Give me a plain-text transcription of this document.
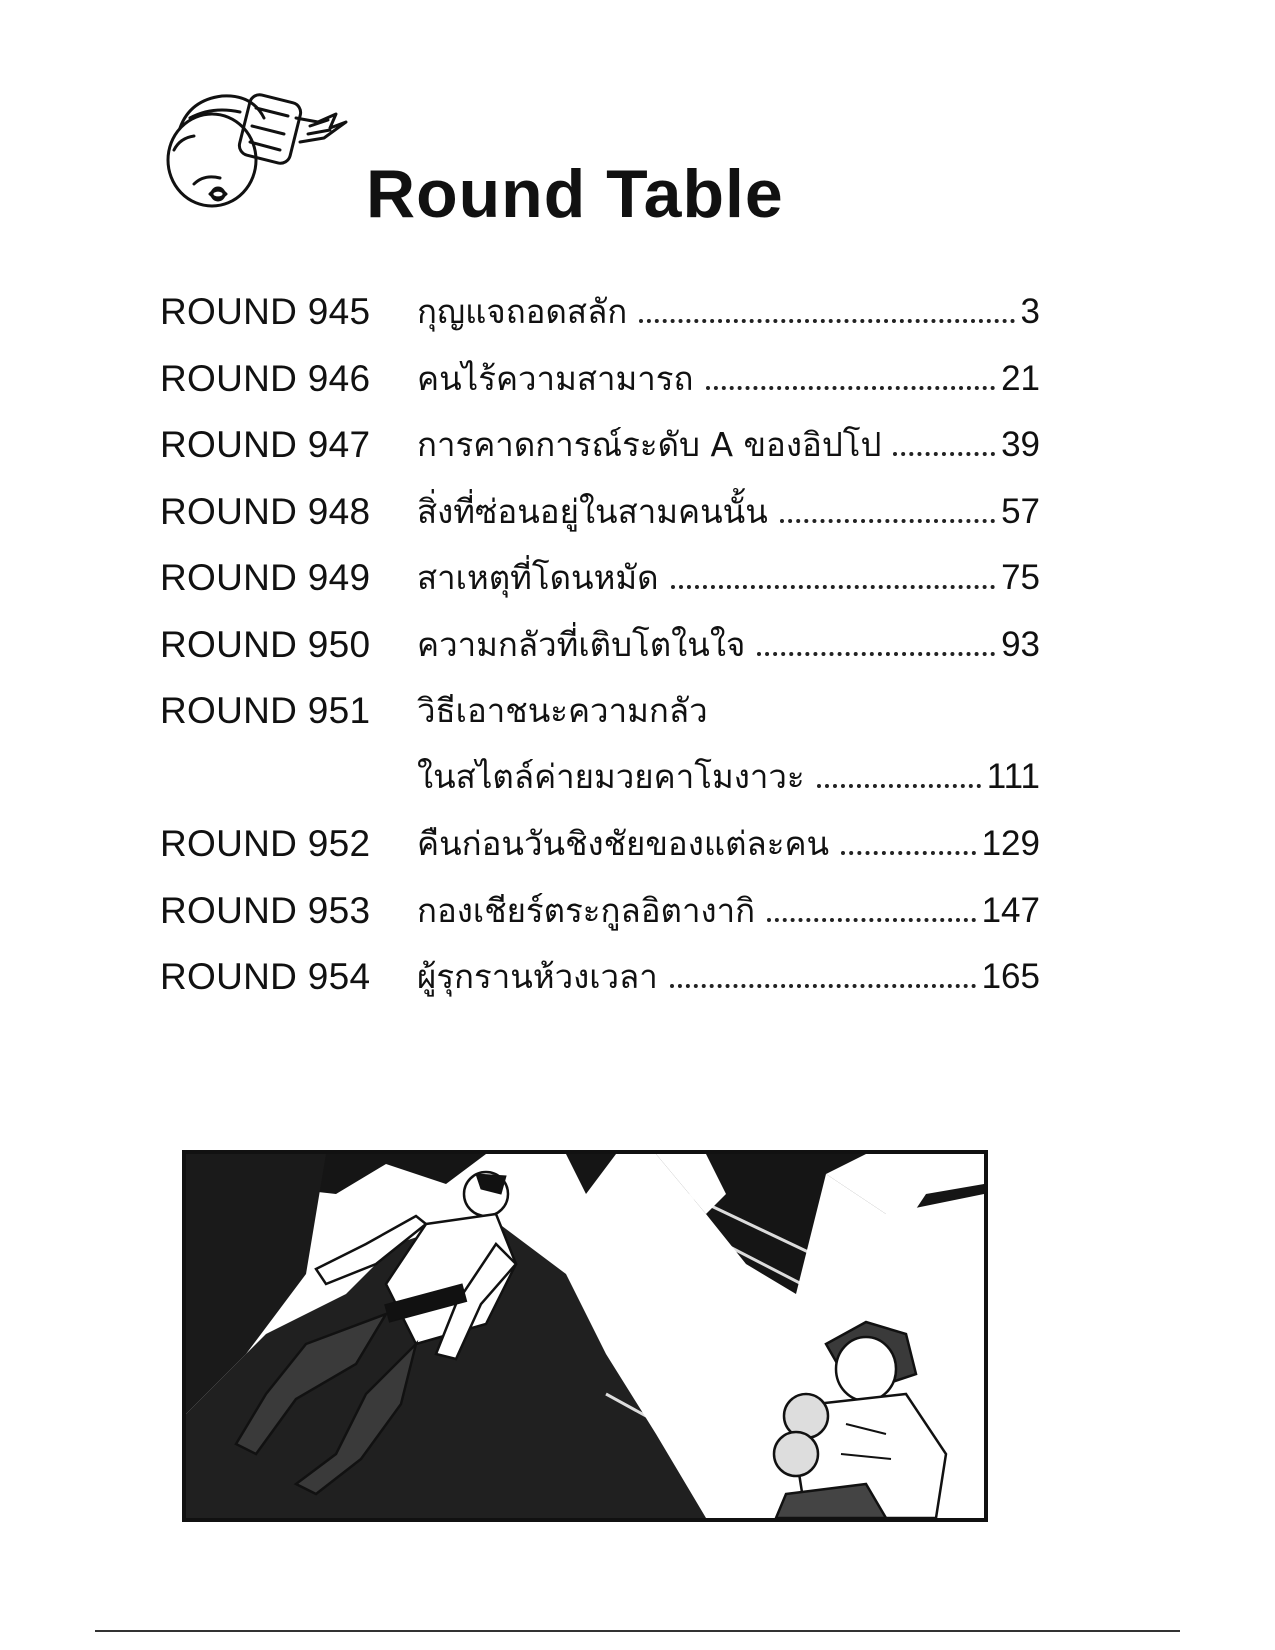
Round Table
ROUND 945 กุญแจถอดสลัก	3
ROUND 946 คนไร้ความสามารถ	21
ROUND 947 การคาดการณ์ระดับ A ของอิปโป	39
ROUND 948 สิ่งที่ซ่อนอยู่ในสามคนนั้น	57
ROUND 949 สาเหตุที่โดนหมัด	75
ROUND 950 ความกลัวที่เติบโตในใจ	93
ROUND 951 วิธีเอาชนะความกลัว
ในสไตล์ค่ายมวยคาโมงาวะ	111
ROUND 952 คืนก่อนวันชิงชัยของแต่ละคน	129
ROUND 953 กองเชียร์ตระกูลอิตางากิ	147
ROUND 954 ผู้รุกรานห้วงเวลา	165
